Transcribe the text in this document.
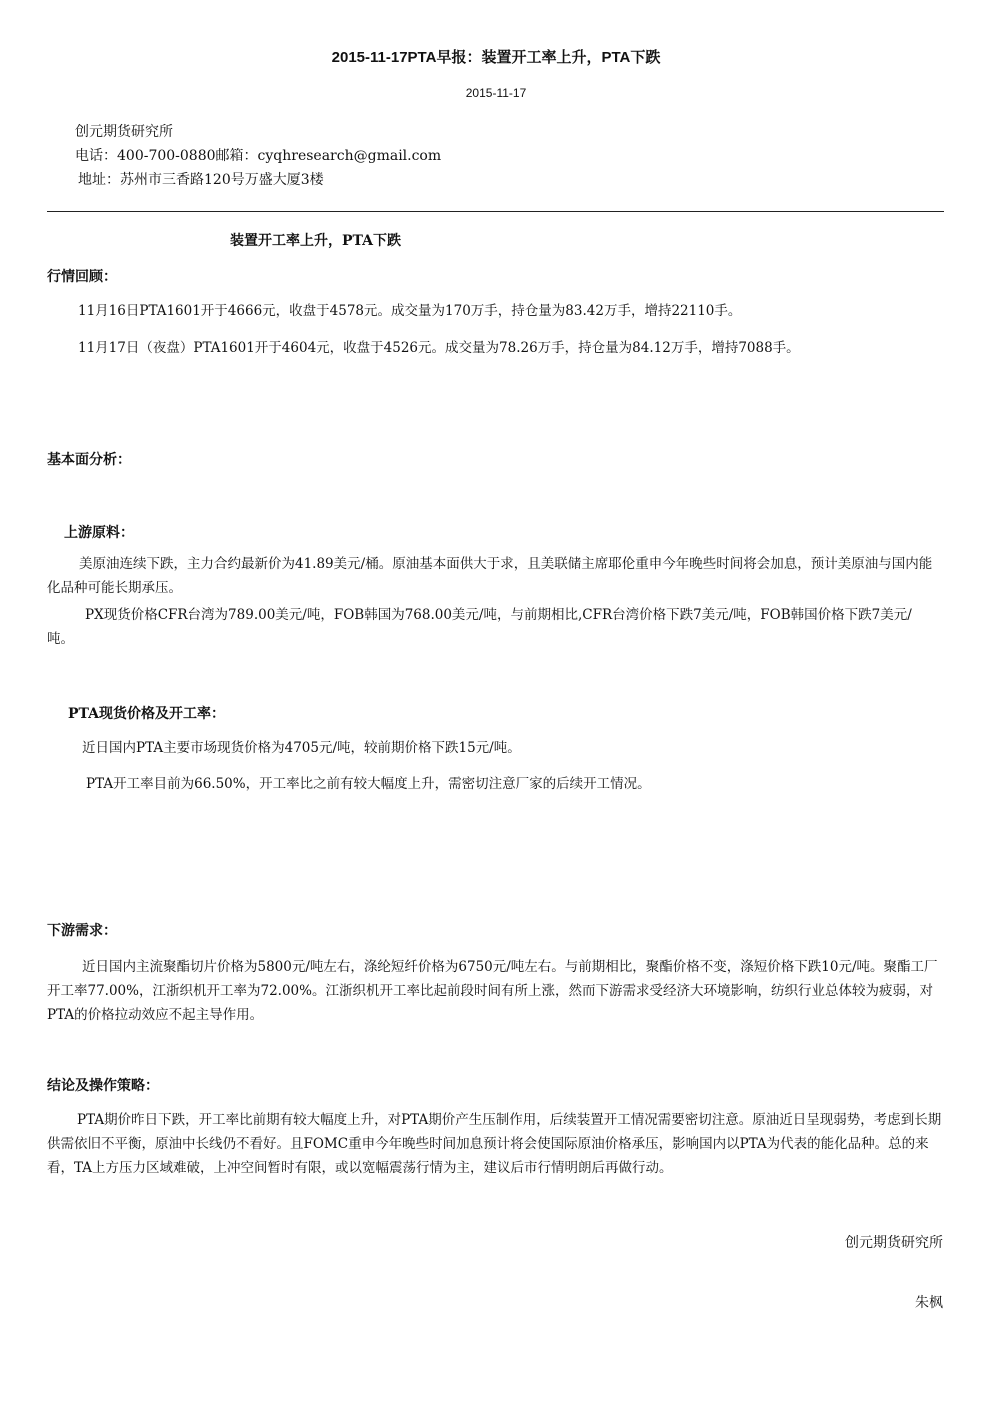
2015-11-17PTA早报：装置开工率上升，PTA下跌
2015-11-17
创元期货研究所
电话：400-700-0880邮箱：cyqhresearch@gmail.com
地址：苏州市三香路120号万盛大厦3楼
装置开工率上升，PTA下跌
行情回顾：
11月16日PTA1601开于4666元，收盘于4578元。成交量为170万手，持仓量为83.42万手，增持22110手。
11月17日（夜盘）PTA1601开于4604元，收盘于4526元。成交量为78.26万手，持仓量为84.12万手，增持7088手。
基本面分析：
上游原料：
美原油连续下跌，主力合约最新价为41.89美元/桶。原油基本面供大于求，且美联储主席耶伦重申今年晚些时间将会加息，预计美原油与国内能化品种可能长期承压。
PX现货价格CFR台湾为789.00美元/吨，FOB韩国为768.00美元/吨，与前期相比,CFR台湾价格下跌7美元/吨，FOB韩国价格下跌7美元/吨。
PTA现货价格及开工率：
近日国内PTA主要市场现货价格为4705元/吨，较前期价格下跌15元/吨。
PTA开工率目前为66.50%，开工率比之前有较大幅度上升，需密切注意厂家的后续开工情况。
下游需求：
近日国内主流聚酯切片价格为5800元/吨左右，涤纶短纤价格为6750元/吨左右。与前期相比，聚酯价格不变，涤短价格下跌10元/吨。聚酯工厂开工率77.00%，江浙织机开工率为72.00%。江浙织机开工率比起前段时间有所上涨，然而下游需求受经济大环境影响，纺织行业总体较为疲弱，对PTA的价格拉动效应不起主导作用。
结论及操作策略：
PTA期价昨日下跌，开工率比前期有较大幅度上升，对PTA期价产生压制作用，后续装置开工情况需要密切注意。原油近日呈现弱势，考虑到长期供需依旧不平衡，原油中长线仍不看好。且FOMC重申今年晚些时间加息预计将会使国际原油价格承压，影响国内以PTA为代表的能化品种。总的来看，TA上方压力区域难破，上冲空间暂时有限，或以宽幅震荡行情为主，建议后市行情明朗后再做行动。
创元期货研究所
朱枫
